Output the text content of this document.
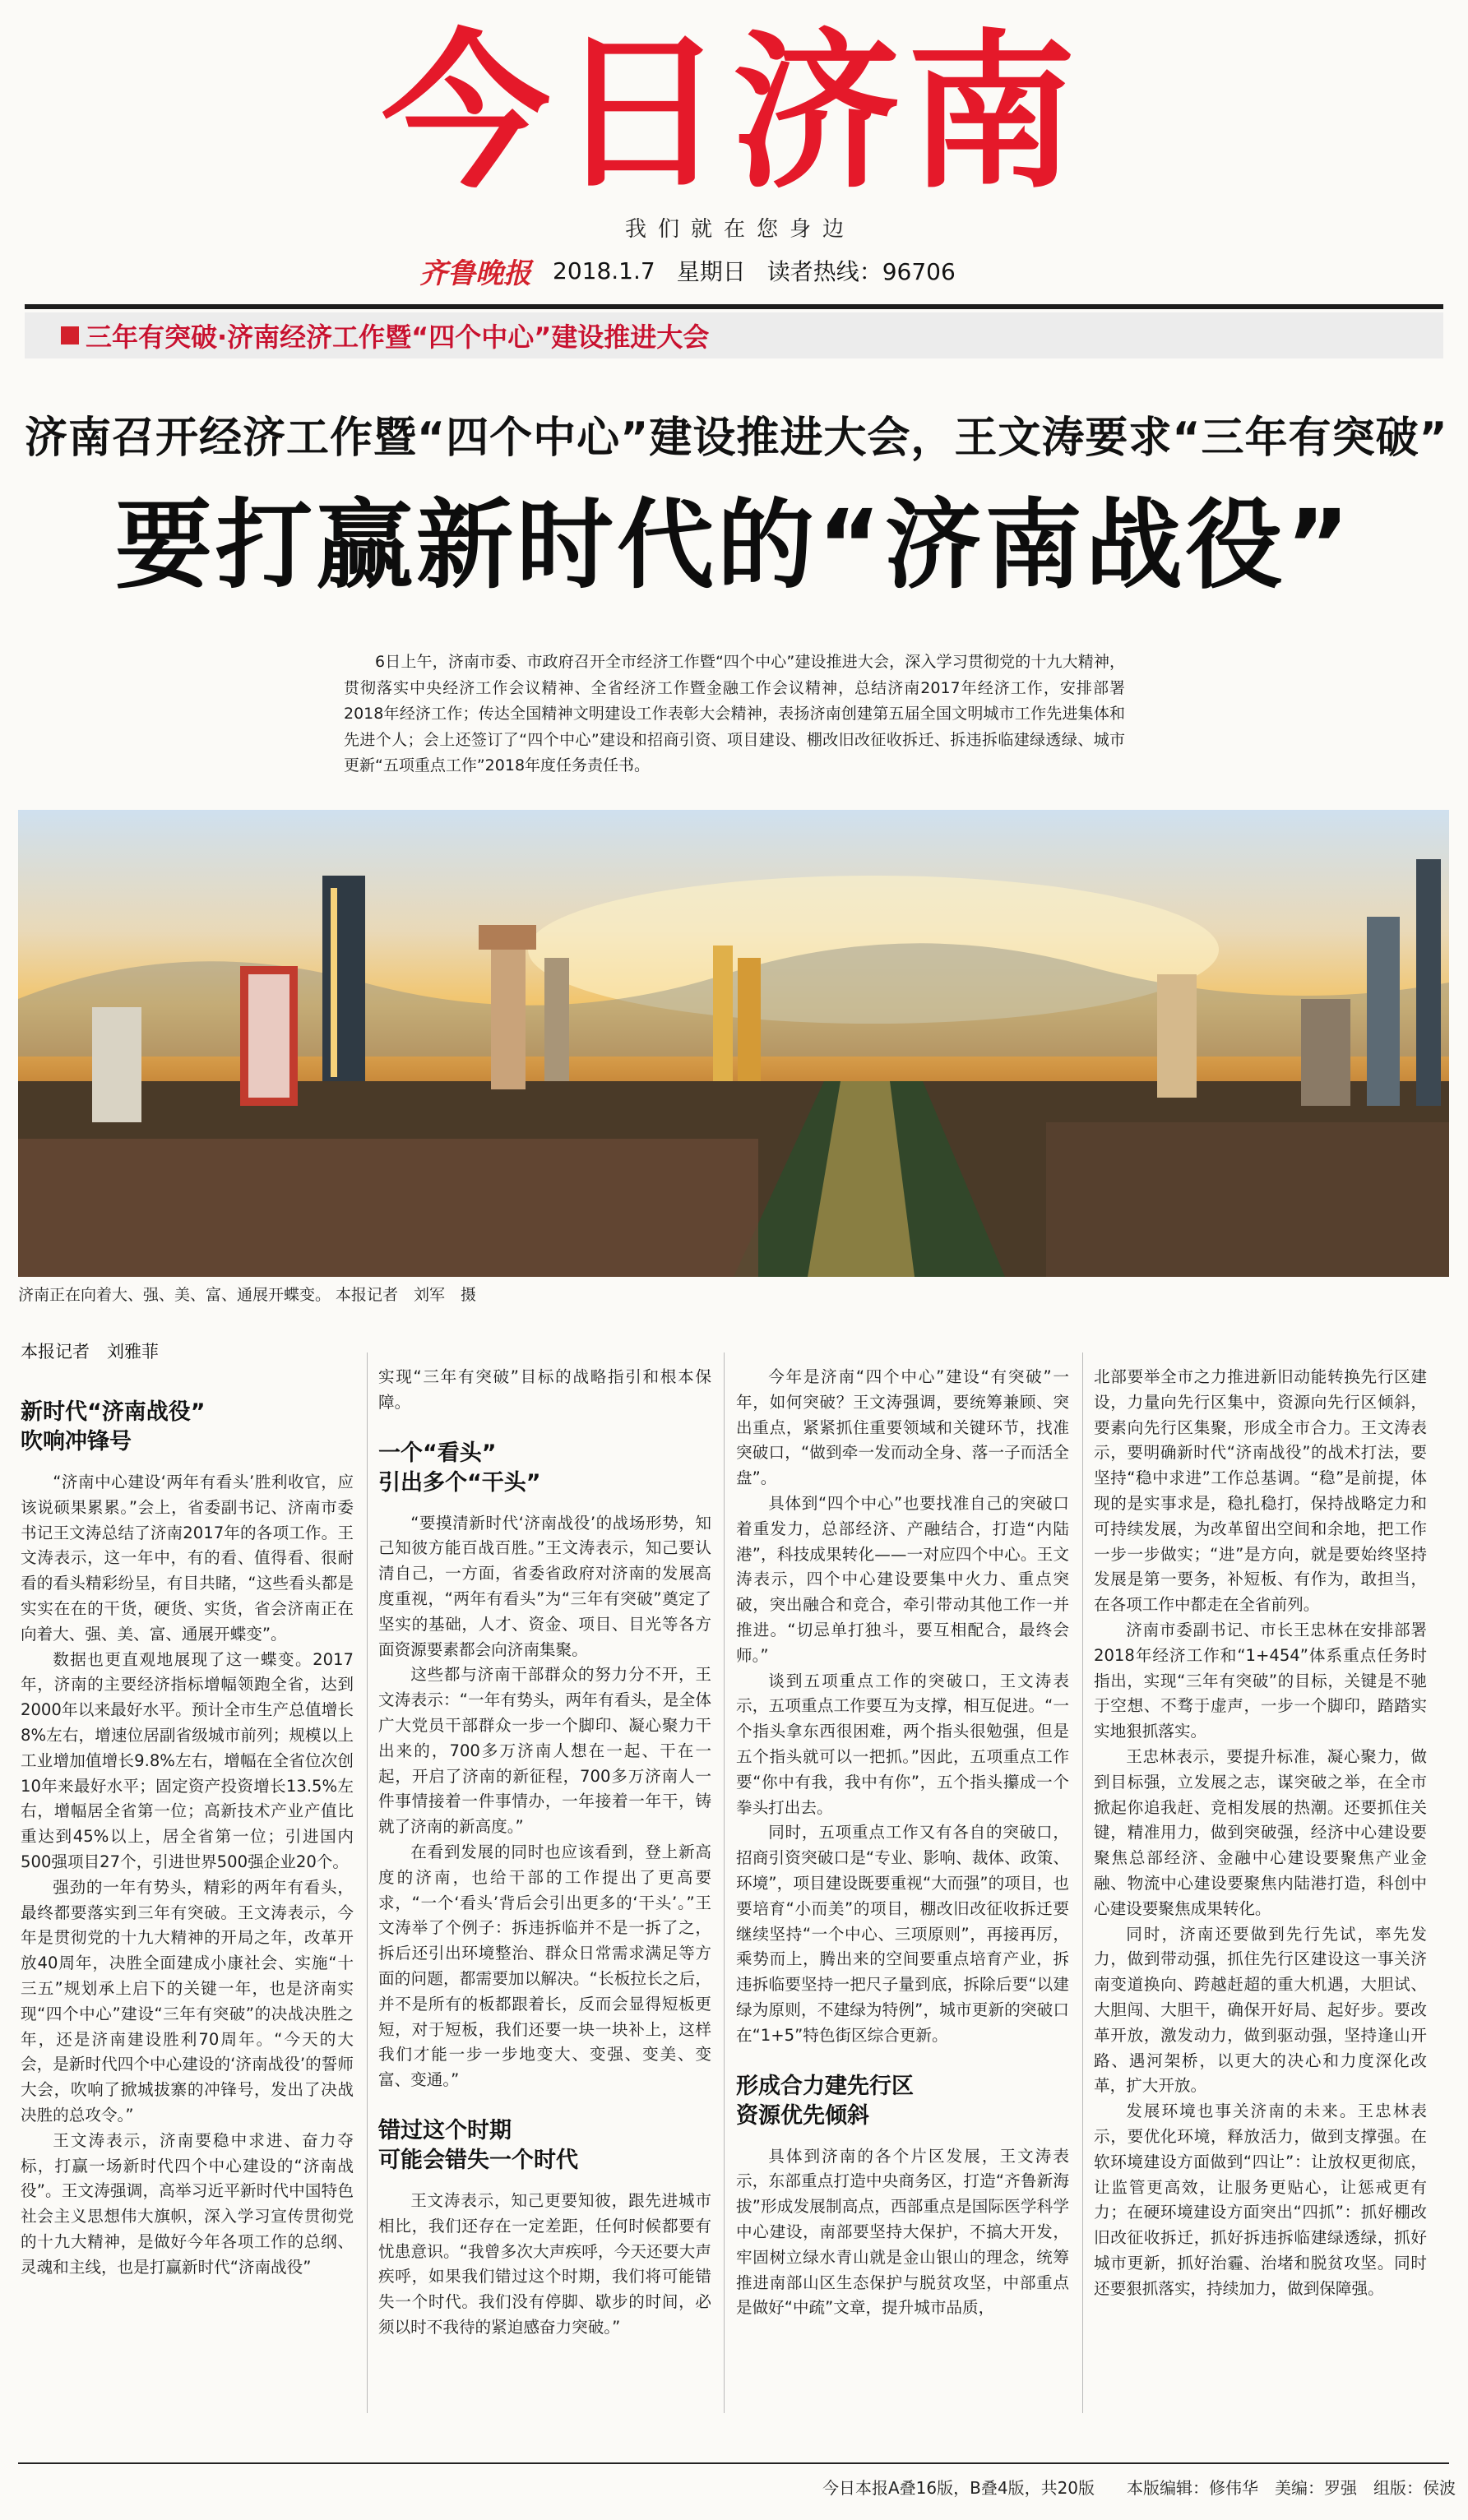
今日济南
我们就在您身边
齐鲁晚报 2018.1.7 星期日 读者热线：96706
三年有突破·济南经济工作暨“四个中心”建设推进大会
济南召开经济工作暨“四个中心”建设推进大会，王文涛要求“三年有突破”
要打赢新时代的“济南战役”
6日上午，济南市委、市政府召开全市经济工作暨“四个中心”建设推进大会，深入学习贯彻党的十九大精神，贯彻落实中央经济工作会议精神、全省经济工作暨金融工作会议精神，总结济南2017年经济工作，安排部署2018年经济工作；传达全国精神文明建设工作表彰大会精神，表扬济南创建第五届全国文明城市工作先进集体和先进个人；会上还签订了“四个中心”建设和招商引资、项目建设、棚改旧改征收拆迁、拆违拆临建绿透绿、城市更新“五项重点工作”2018年度任务责任书。
济南正在向着大、强、美、富、通展开蝶变。 本报记者　刘军　摄
本报记者　刘雅菲
新时代“济南战役”
吹响冲锋号

“济南中心建设‘两年有看头’胜利收官，应该说硕果累累。”会上，省委副书记、济南市委书记王文涛总结了济南2017年的各项工作。王文涛表示，这一年中，有的看、值得看、很耐看的看头精彩纷呈，有目共睹，“这些看头都是实实在在的干货，硬货、实货，省会济南正在向着大、强、美、富、通展开蝶变”。

数据也更直观地展现了这一蝶变。2017年，济南的主要经济指标增幅领跑全省，达到2000年以来最好水平。预计全市生产总值增长8%左右，增速位居副省级城市前列；规模以上工业增加值增长9.8%左右，增幅在全省位次创10年来最好水平；固定资产投资增长13.5%左右，增幅居全省第一位；高新技术产业产值比重达到45%以上，居全省第一位；引进国内500强项目27个，引进世界500强企业20个。

强劲的一年有势头，精彩的两年有看头，最终都要落实到三年有突破。王文涛表示，今年是贯彻党的十九大精神的开局之年，改革开放40周年，决胜全面建成小康社会、实施“十三五”规划承上启下的关键一年，也是济南实现“四个中心”建设“三年有突破”的决战决胜之年，还是济南建设胜利70周年。“今天的大会，是新时代四个中心建设的‘济南战役’的誓师大会，吹响了掀城拔寨的冲锋号，发出了决战决胜的总攻令。”

王文涛表示，济南要稳中求进、奋力夺标，打赢一场新时代四个中心建设的“济南战役”。王文涛强调，高举习近平新时代中国特色社会主义思想伟大旗帜，深入学习宣传贯彻党的十九大精神，是做好今年各项工作的总纲、灵魂和主线，也是打赢新时代“济南战役”

实现“三年有突破”目标的战略指引和根本保障。

一个“看头”
引出多个“干头”

“要摸清新时代‘济南战役’的战场形势，知己知彼方能百战百胜。”王文涛表示，知己要认清自己，一方面，省委省政府对济南的发展高度重视，“两年有看头”为“三年有突破”奠定了坚实的基础，人才、资金、项目、目光等各方面资源要素都会向济南集聚。

这些都与济南干部群众的努力分不开，王文涛表示：“一年有势头，两年有看头，是全体广大党员干部群众一步一个脚印、凝心聚力干出来的，700多万济南人想在一起、干在一起，开启了济南的新征程，700多万济南人一件事情接着一件事情办，一年接着一年干，铸就了济南的新高度。”

在看到发展的同时也应该看到，登上新高度的济南，也给干部的工作提出了更高要求，“一个‘看头’背后会引出更多的‘干头’。”王文涛举了个例子：拆违拆临并不是一拆了之，拆后还引出环境整治、群众日常需求满足等方面的问题，都需要加以解决。“长板拉长之后，并不是所有的板都跟着长，反而会显得短板更短，对于短板，我们还要一块一块补上，这样我们才能一步一步地变大、变强、变美、变富、变通。”

错过这个时期
可能会错失一个时代

王文涛表示，知己更要知彼，跟先进城市相比，我们还存在一定差距，任何时候都要有忧患意识。“我曾多次大声疾呼，今天还要大声疾呼，如果我们错过这个时期，我们将可能错失一个时代。我们没有停脚、歇步的时间，必须以时不我待的紧迫感奋力突破。”

今年是济南“四个中心”建设“有突破”一年，如何突破？王文涛强调，要统筹兼顾、突出重点，紧紧抓住重要领域和关键环节，找准突破口，“做到牵一发而动全身、落一子而活全盘”。

具体到“四个中心”也要找准自己的突破口着重发力，总部经济、产融结合，打造“内陆港”，科技成果转化——一对应四个中心。王文涛表示，四个中心建设要集中火力、重点突破，突出融合和竞合，牵引带动其他工作一并推进。“切忌单打独斗，要互相配合，最终会师。”

谈到五项重点工作的突破口，王文涛表示，五项重点工作要互为支撑，相互促进。“一个指头拿东西很困难，两个指头很勉强，但是五个指头就可以一把抓。”因此，五项重点工作要“你中有我，我中有你”，五个指头攥成一个拳头打出去。

同时，五项重点工作又有各自的突破口，招商引资突破口是“专业、影响、裁体、政策、环境”，项目建设既要重视“大而强”的项目，也要培育“小而美”的项目，棚改旧改征收拆迁要继续坚持“一个中心、三项原则”，再接再厉，乘势而上，腾出来的空间要重点培育产业，拆违拆临要坚持一把尺子量到底，拆除后要“以建绿为原则，不建绿为特例”，城市更新的突破口在“1+5”特色街区综合更新。

形成合力建先行区
资源优先倾斜

具体到济南的各个片区发展，王文涛表示，东部重点打造中央商务区，打造“齐鲁新海拔”形成发展制高点，西部重点是国际医学科学中心建设，南部要坚持大保护，不搞大开发，牢固树立绿水青山就是金山银山的理念，统筹推进南部山区生态保护与脱贫攻坚，中部重点是做好“中疏”文章，提升城市品质，

北部要举全市之力推进新旧动能转换先行区建设，力量向先行区集中，资源向先行区倾斜，要素向先行区集聚，形成全市合力。王文涛表示，要明确新时代“济南战役”的战术打法，要坚持“稳中求进”工作总基调。“稳”是前提，体现的是实事求是，稳扎稳打，保持战略定力和可持续发展，为改革留出空间和余地，把工作一步一步做实；“进”是方向，就是要始终坚持发展是第一要务，补短板、有作为，敢担当，在各项工作中都走在全省前列。

济南市委副书记、市长王忠林在安排部署2018年经济工作和“1+454”体系重点任务时指出，实现“三年有突破”的目标，关键是不驰于空想、不骛于虚声，一步一个脚印，踏踏实实地狠抓落实。

王忠林表示，要提升标准，凝心聚力，做到目标强，立发展之志，谋突破之举，在全市掀起你追我赶、竞相发展的热潮。还要抓住关键，精准用力，做到突破强，经济中心建设要聚焦总部经济、金融中心建设要聚焦产业金融、物流中心建设要聚焦内陆港打造，科创中心建设要聚焦成果转化。

同时，济南还要做到先行先试，率先发力，做到带动强，抓住先行区建设这一事关济南变道换向、跨越赶超的重大机遇，大胆试、大胆闯、大胆干，确保开好局、起好步。要改革开放，激发动力，做到驱动强，坚持逢山开路、遇河架桥，以更大的决心和力度深化改革，扩大开放。

发展环境也事关济南的未来。王忠林表示，要优化环境，释放活力，做到支撑强。在软环境建设方面做到“四让”：让放权更彻底，让监管更高效，让服务更贴心，让惩戒更有力；在硬环境建设方面突出“四抓”：抓好棚改旧改征收拆迁，抓好拆违拆临建绿透绿，抓好城市更新，抓好治霾、治堵和脱贫攻坚。同时还要狠抓落实，持续加力，做到保障强。

今日本报A叠16版，B叠4版，共20版 本版编辑：修伟华　美编：罗强　组版：侯波
